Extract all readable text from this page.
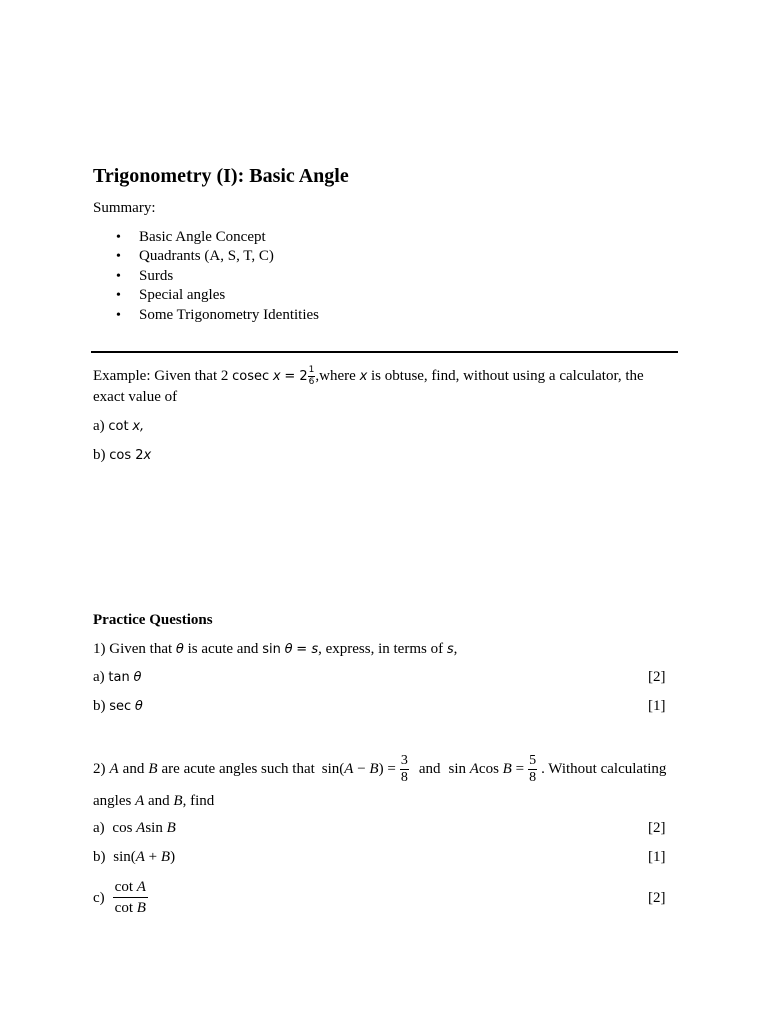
Trigonometry (I): Basic Angle
Summary:
• Basic Angle Concept
• Quadrants (A, S, T, C)
• Surds
• Special angles
• Some Trigonometry Identities
Example: Given that 2 cosec $x = 2 \frac{1}{6}$ ,where x is obtuse, find, without using a calculator, the
exact value of
a) cot x,
b) cos 2x
Practice Questions
1) Given that θ is acute and sin θ = s, express, in terms of s,
a) tan θ	[2]
b) sec θ	[1]
2) A and B are acute angles such that $\sin(A - B) = \frac{3}{8}$ and sin Acos $B = \frac{5}{8}$ . Without calculating
angles A and B, find
a) cos Asin B	[2]
b) sin(A + B)	[1]
$c) \frac{\text{cot A}}{\text{cot B}}$	[2]
